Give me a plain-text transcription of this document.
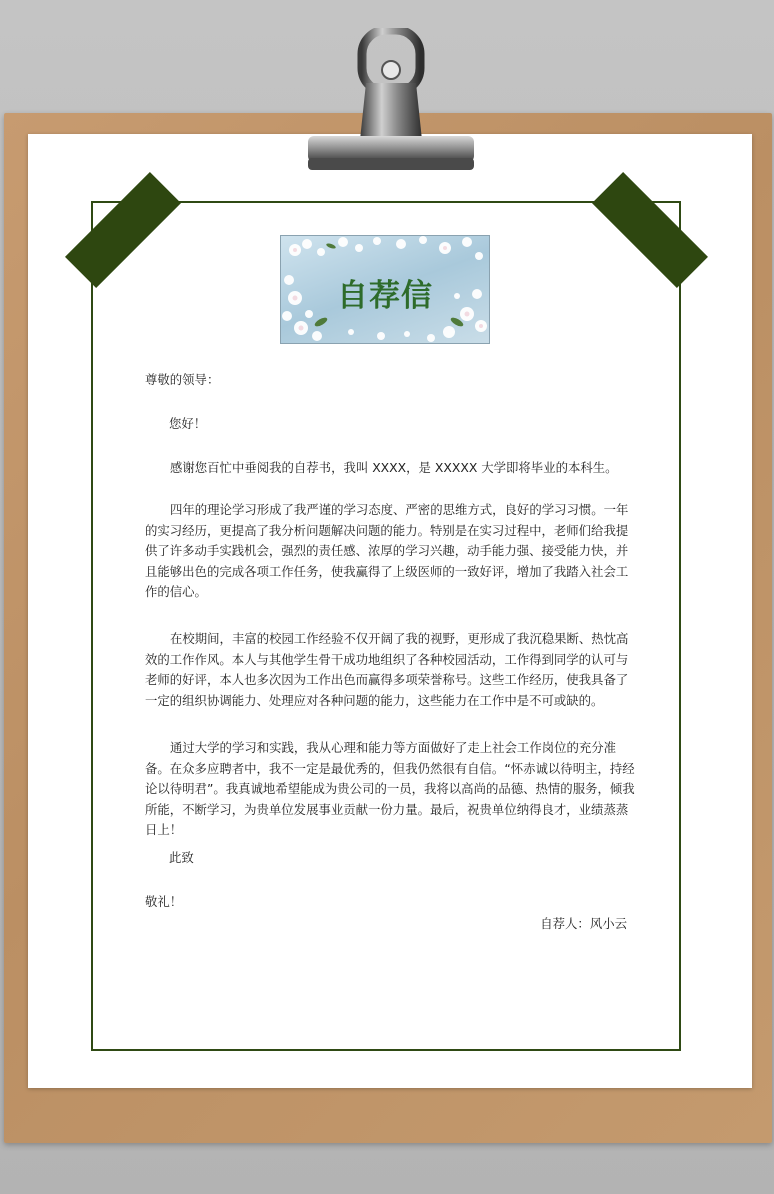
自荐信

尊敬的领导：

您好！

感谢您百忙中垂阅我的自荐书，我叫 XXXX，是 XXXXX 大学即将毕业的本科生。

四年的理论学习形成了我严谨的学习态度、严密的思维方式，良好的学习习惯。一年的实习经历，更提高了我分析问题解决问题的能力。特别是在实习过程中，老师们给我提供了许多动手实践机会，强烈的责任感、浓厚的学习兴趣，动手能力强、接受能力快，并且能够出色的完成各项工作任务，使我赢得了上级医师的一致好评，增加了我踏入社会工作的信心。

在校期间，丰富的校园工作经验不仅开阔了我的视野，更形成了我沉稳果断、热忱高效的工作作风。本人与其他学生骨干成功地组织了各种校园活动，工作得到同学的认可与老师的好评，本人也多次因为工作出色而赢得多项荣誉称号。这些工作经历，使我具备了一定的组织协调能力、处理应对各种问题的能力，这些能力在工作中是不可或缺的。

通过大学的学习和实践，我从心理和能力等方面做好了走上社会工作岗位的充分准备。在众多应聘者中，我不一定是最优秀的，但我仍然很有自信。“怀赤诚以待明主，持经论以待明君”。我真诚地希望能成为贵公司的一员，我将以高尚的品德、热情的服务，倾我所能，不断学习，为贵单位发展事业贡献一份力量。最后，祝贵单位纳得良才，业绩蒸蒸日上！

此致

敬礼！

自荐人：风小云
